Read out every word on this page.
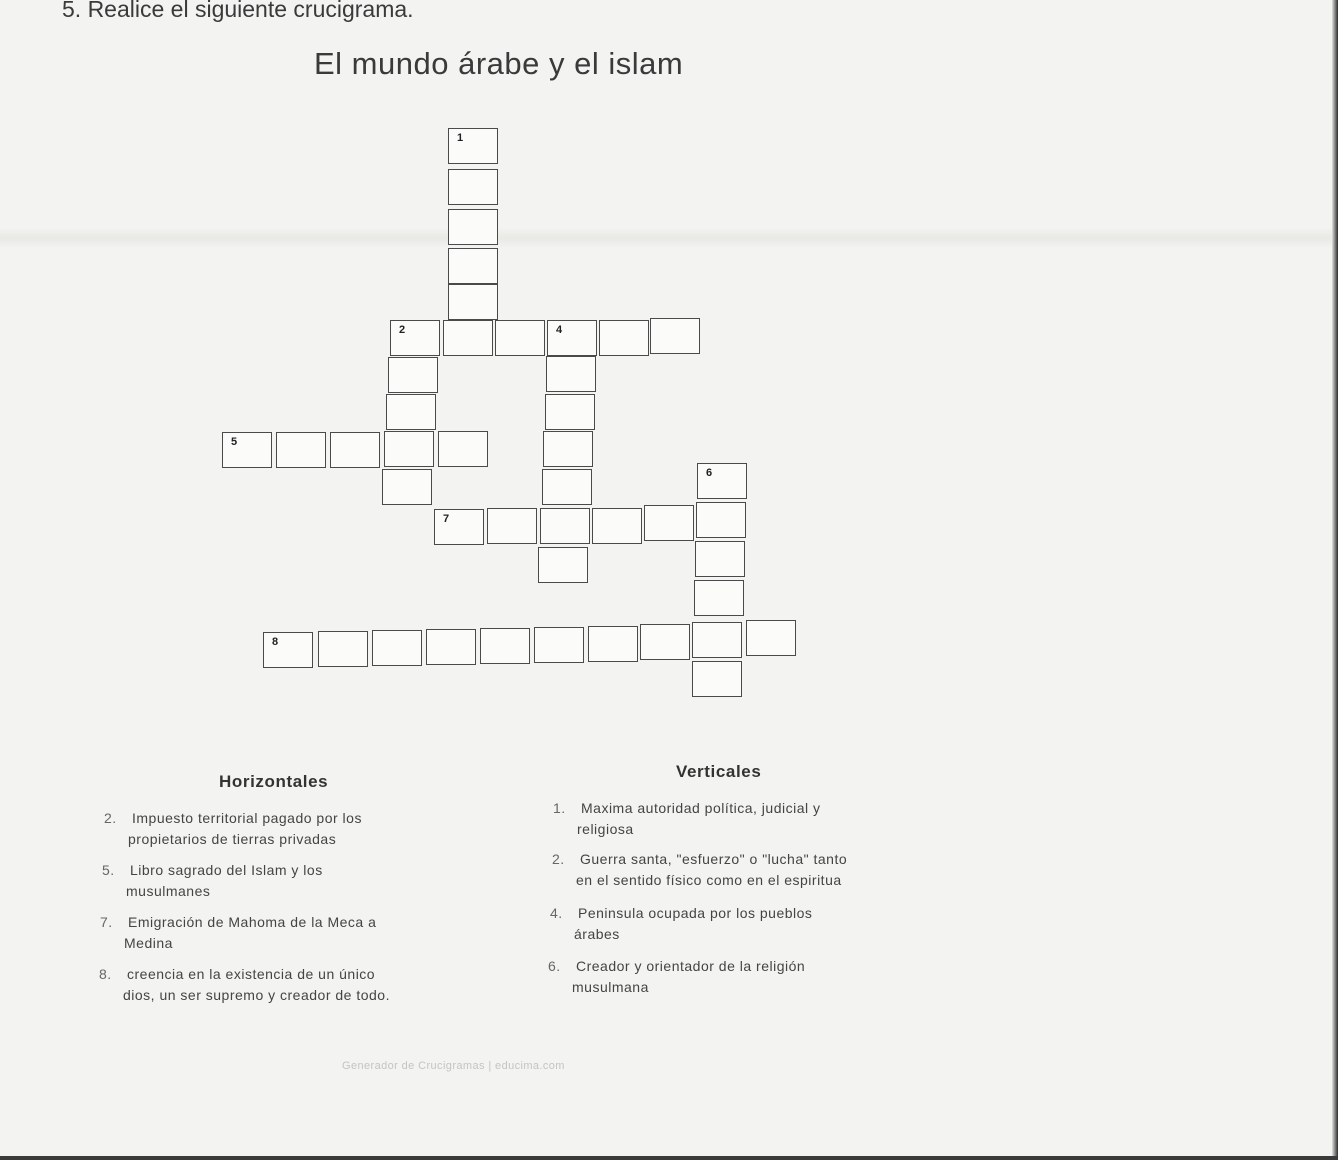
5. Realice el siguiente crucigrama.
El mundo árabe y el islam
1
2	4
5
7
6
8
Horizontales
Verticales
2. Impuesto territorial pagado por los
propietarios de tierras privadas
5. Libro sagrado del Islam y los
musulmanes
7. Emigración de Mahoma de la Meca a
Medina
8. creencia en la existencia de un único
dios, un ser supremo y creador de todo.
1. Maxima autoridad política, judicial y
religiosa
2. Guerra santa, "esfuerzo" o "lucha" tanto
en el sentido físico como en el espiritua
4. Peninsula ocupada por los pueblos
árabes
6. Creador y orientador de la religión
musulmana
Generador de Crucigramas | educima.com
